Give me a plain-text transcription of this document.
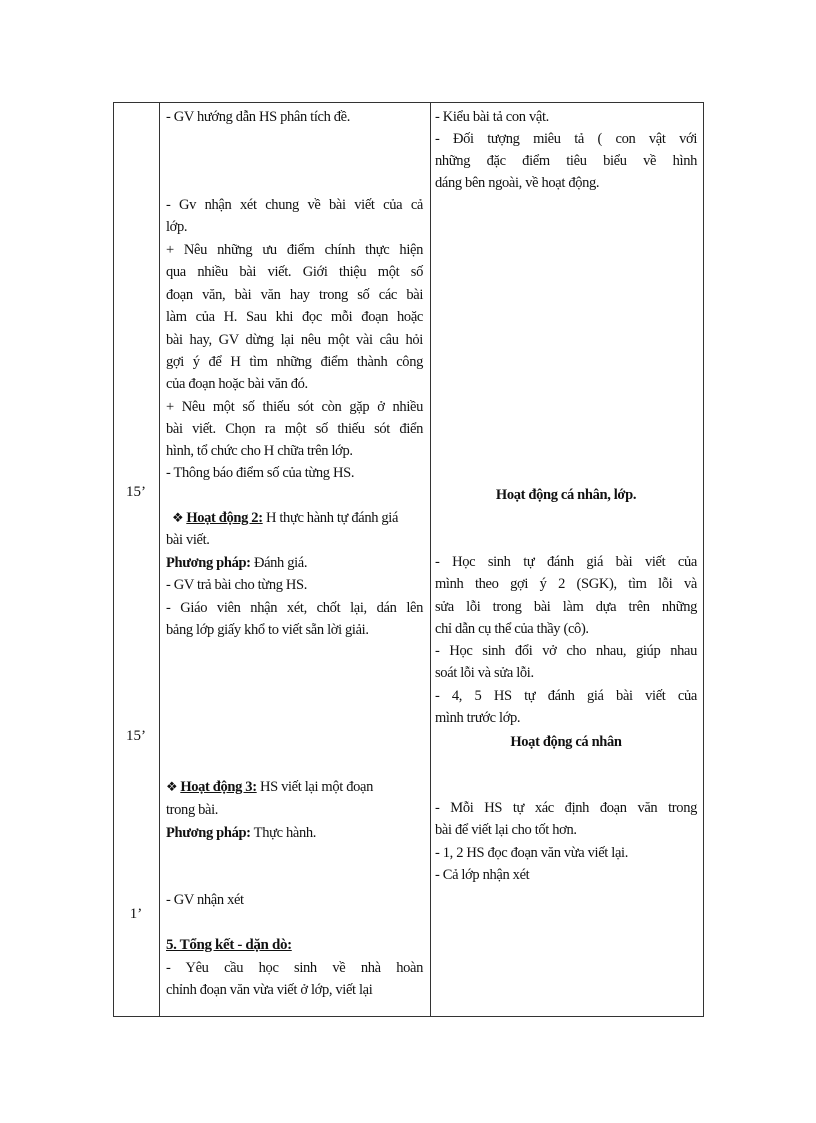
15’
15’
1’
- GV hướng dẫn HS phân tích đề.
- Gv nhận xét chung về bài viết của cả
lớp.
+ Nêu những ưu điểm chính thực hiện
qua nhiều bài viết. Giới thiệu một số
đoạn văn, bài văn hay trong số các bài
làm của H. Sau khi đọc mỗi đoạn hoặc
bài hay, GV dừng lại nêu một vài câu hỏi
gợi ý để H tìm những điểm thành công
của đoạn hoặc bài văn đó.
+ Nêu một số thiếu sót còn gặp ở nhiều
bài viết. Chọn ra một số thiếu sót điển
hình, tổ chức cho H chữa trên lớp.
- Thông báo điểm số của từng HS.
❖ Hoạt động 2: H thực hành tự đánh giá
bài viết.
Phương pháp: Đánh giá.
- GV trả bài cho từng HS.
- Giáo viên nhận xét, chốt lại, dán lên
bảng lớp giấy khổ to viết sẵn lời giải.
❖ Hoạt động 3: HS viết lại một đoạn
trong bài.
Phương pháp: Thực hành.
- GV nhận xét
5. Tổng kết - dặn dò:
- Yêu cầu học sinh về nhà hoàn
chỉnh đoạn văn vừa viết ở lớp, viết lại
- Kiểu bài tả con vật.
- Đối tượng miêu tả ( con vật với
những đặc điểm tiêu biểu về hình
dáng bên ngoài, về hoạt động.
Hoạt động cá nhân, lớp.
- Học sinh tự đánh giá bài viết của
mình theo gợi ý 2 (SGK), tìm lỗi và
sửa lỗi trong bài làm dựa trên những
chỉ dẫn cụ thể của thầy (cô).
- Học sinh đổi vở cho nhau, giúp nhau
soát lỗi và sửa lỗi.
- 4, 5 HS tự đánh giá bài viết của
mình trước lớp.
Hoạt động cá nhân
- Mỗi HS tự xác định đoạn văn trong
bài để viết lại cho tốt hơn.
- 1, 2 HS đọc đoạn văn vừa viết lại.
- Cả lớp nhận xét
